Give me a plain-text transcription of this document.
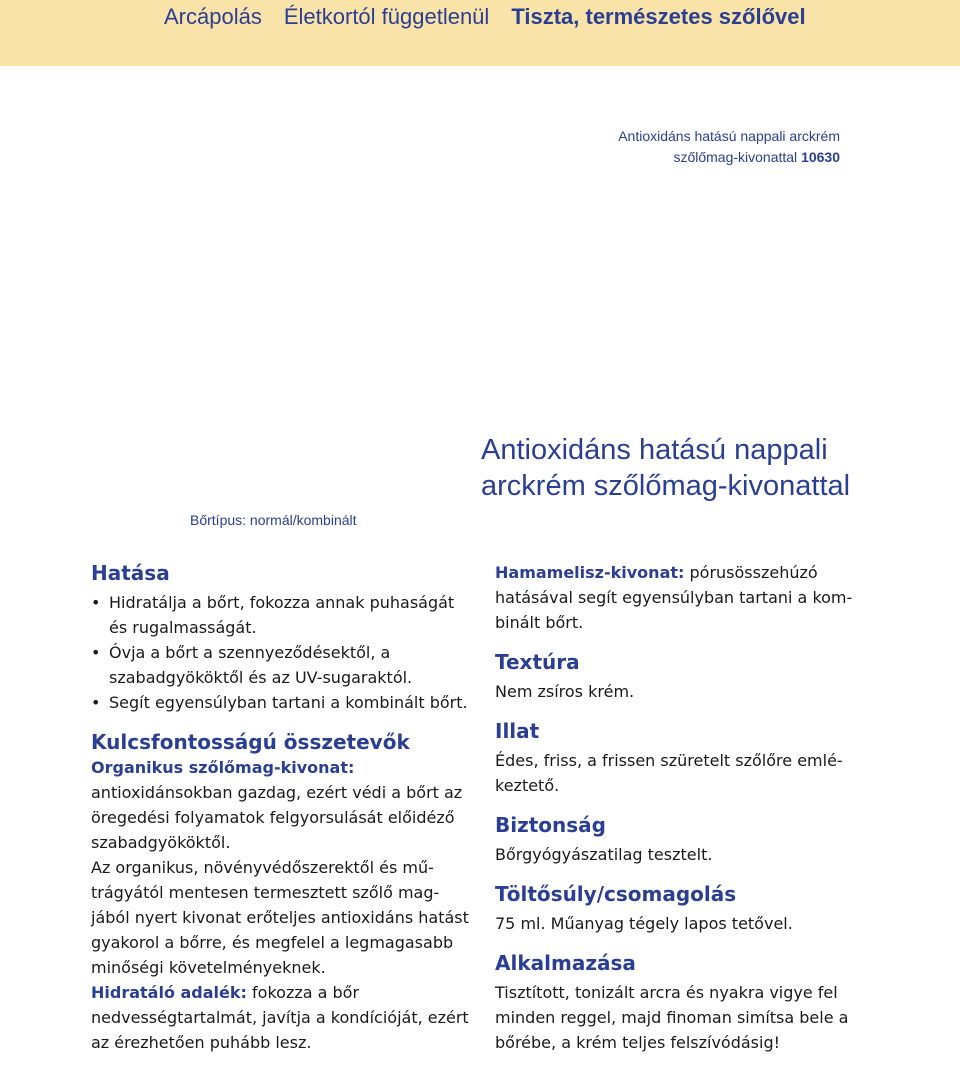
Arcápolás Életkortól függetlenül Tiszta, természetes szőlővel
Antioxidáns hatású nappali arckrém
szőlőmag-kivonattal 10630
Antioxidáns hatású nappali
arckrém szőlőmag-kivonattal
Bőrtípus: normál/kombinált
Hatása
• Hidratálja a bőrt, fokozza annak puhaságát és rugalmasságát.
• Óvja a bőrt a szennyeződésektől, a szabadgyököktől és az UV-sugaraktól.
• Segít egyensúlyban tartani a kombinált bőrt.
Kulcsfontosságú összetevők
Organikus szőlőmag-kivonat:

antioxidánsokban gazdag, ezért védi a bőrt az öregedési folyamatok felgyorsulását előidéző szabadgyököktől.

Az organikus, növényvédőszerektől és műtrágyától mentesen termesztett szőlő magjából nyert kivonat erőteljes antioxidáns hatást gyakorol a bőrre, és megfelel a legmagasabb minőségi követelményeknek.

Hidratáló adalék: fokozza a bőr nedvességtartalmát, javítja a kondícióját, ezért az érezhetően puhább lesz.

Hamamelisz-kivonat: pórusösszehúzó hatásával segít egyensúlyban tartani a kombinált bőrt.

Textúra

Nem zsíros krém.

Illat

Édes, friss, a frissen szüretelt szőlőre emlékeztető.

Biztonság

Bőrgyógyászatilag tesztelt.

Töltősúly/csomagolás

75 ml. Műanyag tégely lapos tetővel.

Alkalmazása

Tisztított, tonizált arcra és nyakra vigye fel minden reggel, majd finoman simítsa bele a bőrébe, a krém teljes felszívódásig!
